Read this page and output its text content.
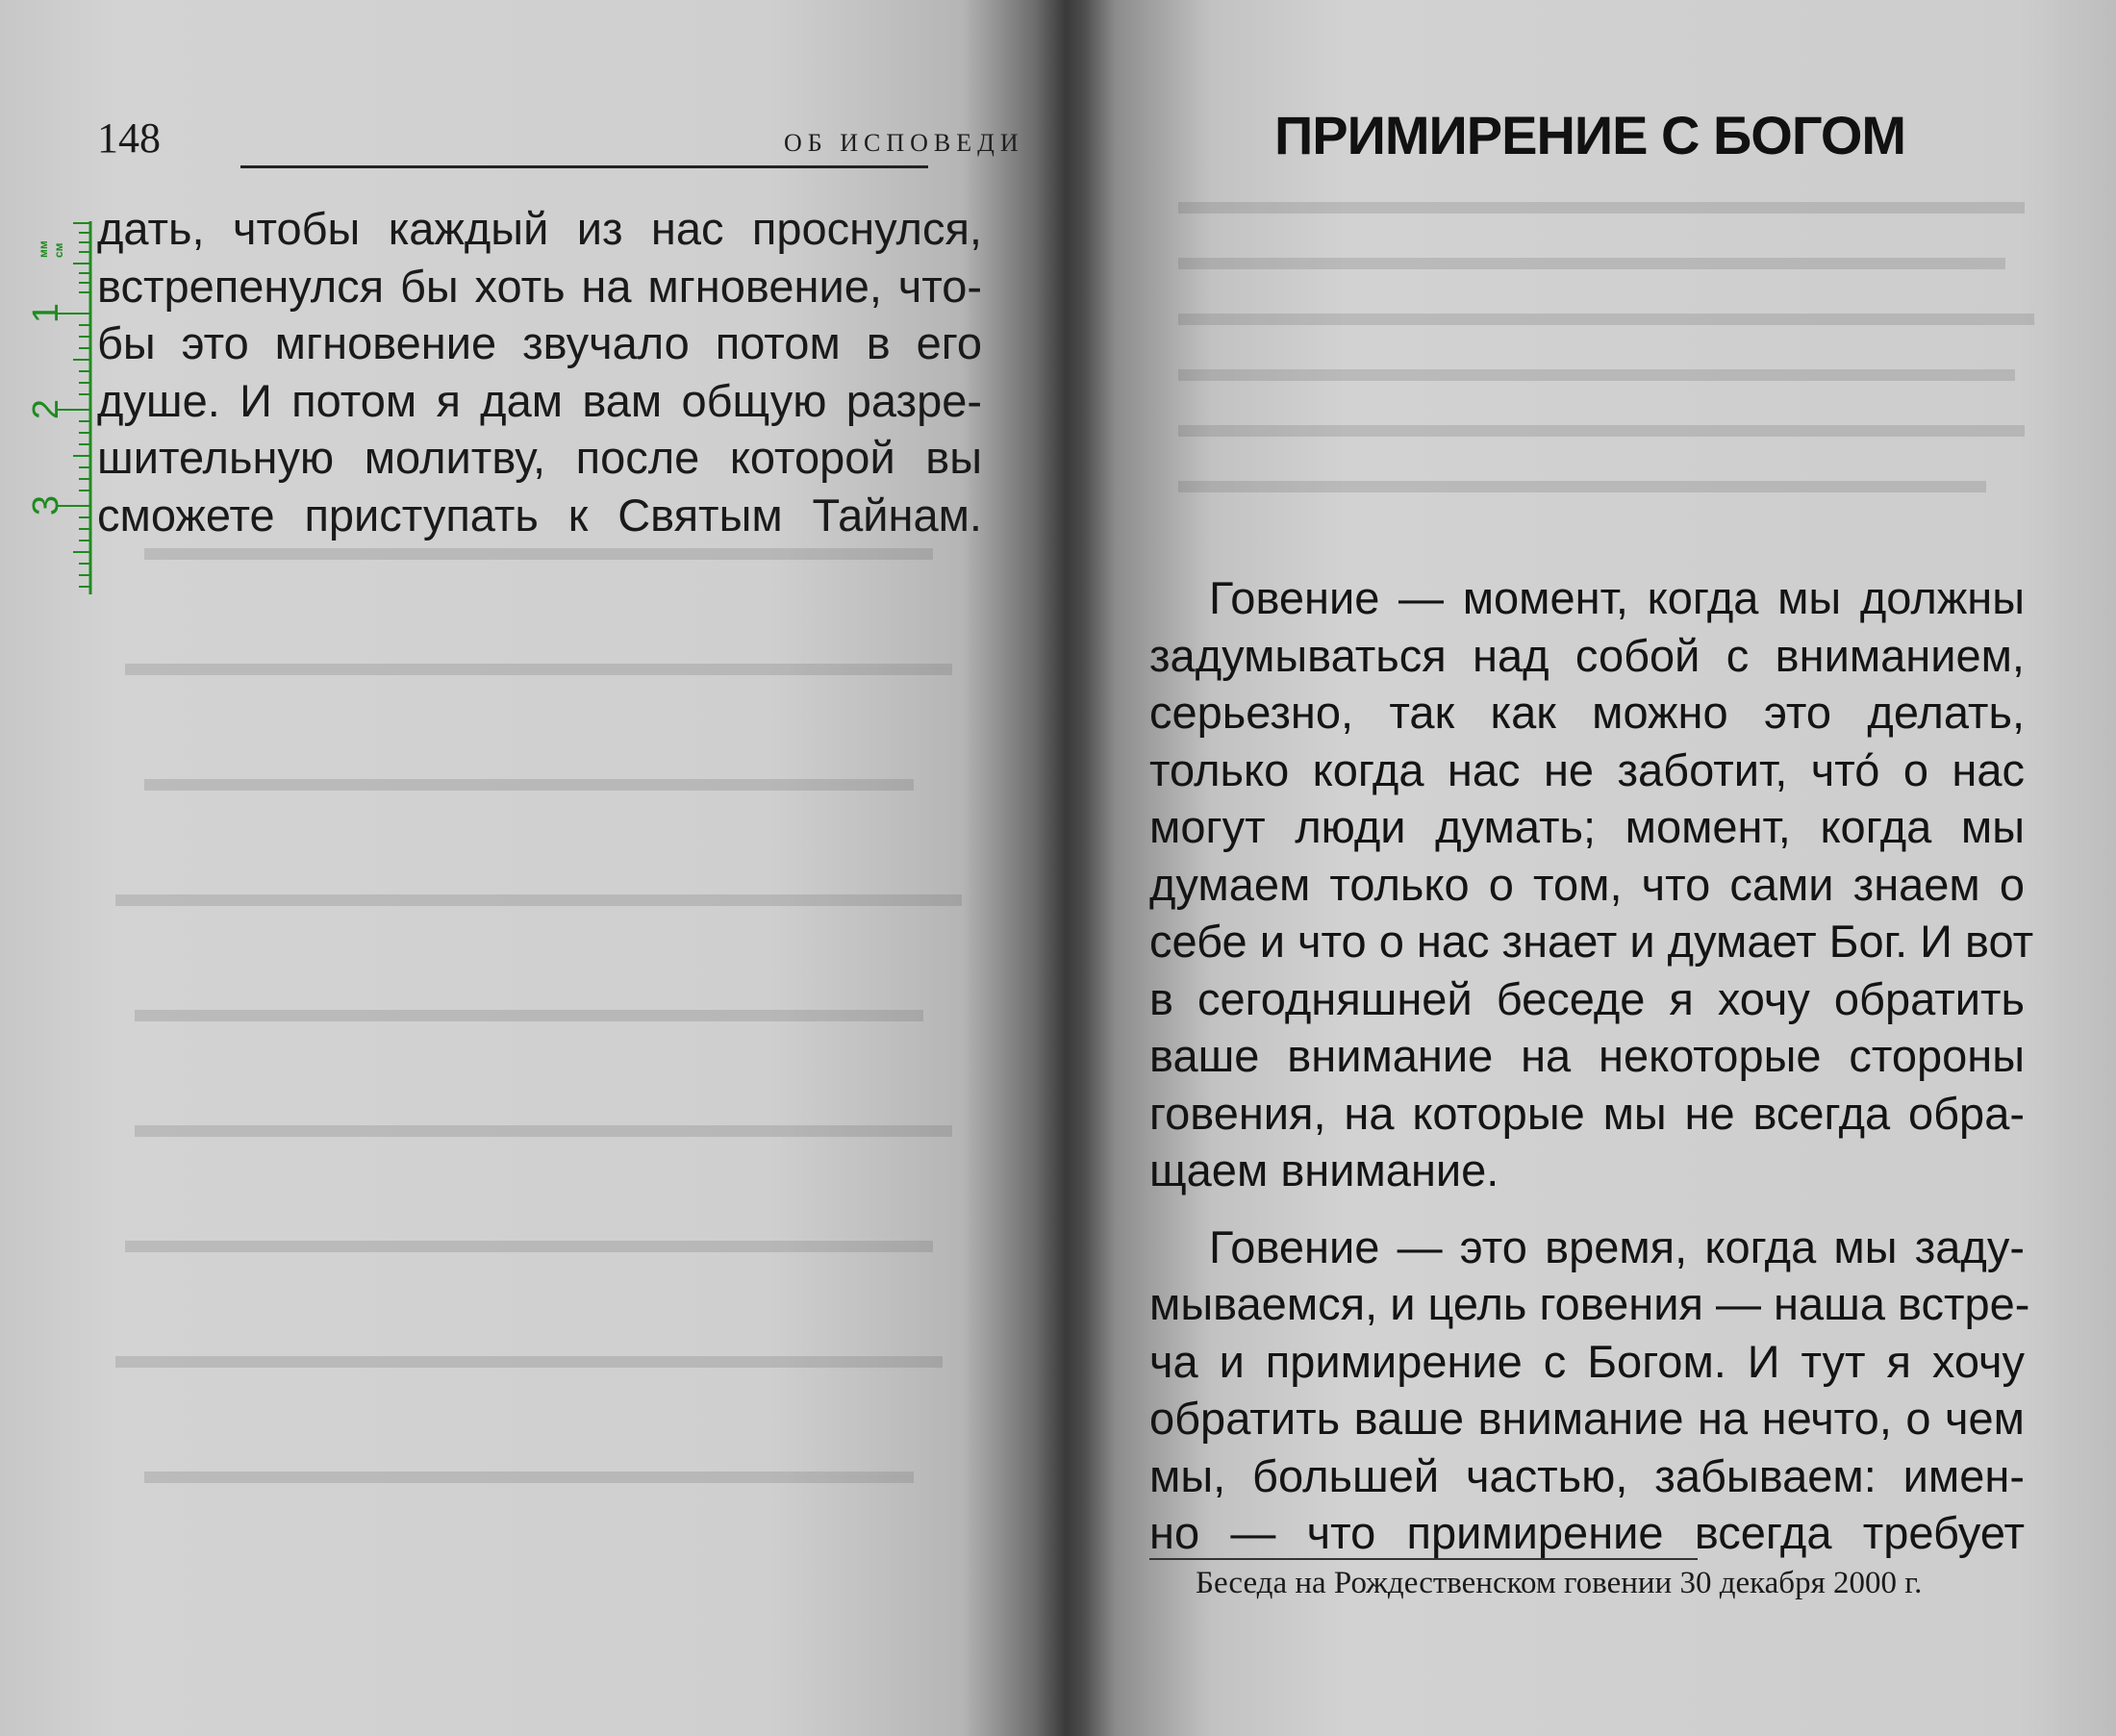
148	ОБ ИСПОВЕДИ
мм см
1
2
3
дать, чтобы каждый из нас проснулся,
встрепенулся бы хоть на мгновение, что-
бы это мгновение звучало потом в его
душе. И потом я дам вам общую разре-
шительную молитву, после которой вы
сможете приступать к Святым Тайнам.
ПРИМИРЕНИЕ С БОГОМ
Говение — момент, когда мы должны
задумываться над собой с вниманием,
серьезно, так как можно это делать,
только когда нас не заботит, что́ о нас
могут люди думать; момент, когда мы
думаем только о том, что сами знаем о
себе и что о нас знает и думает Бог. И вот
в сегодняшней беседе я хочу обратить
ваше внимание на некоторые стороны
говения, на которые мы не всегда обра-
щаем внимание.
Говение — это время, когда мы заду-
мываемся, и цель говения — наша встре-
ча и примирение с Богом. И тут я хочу
обратить ваше внимание на нечто, о чем
мы, большей частью, забываем: имен-
но — что примирение всегда требует
Беседа на Рождественском говении 30 декабря 2000 г.
